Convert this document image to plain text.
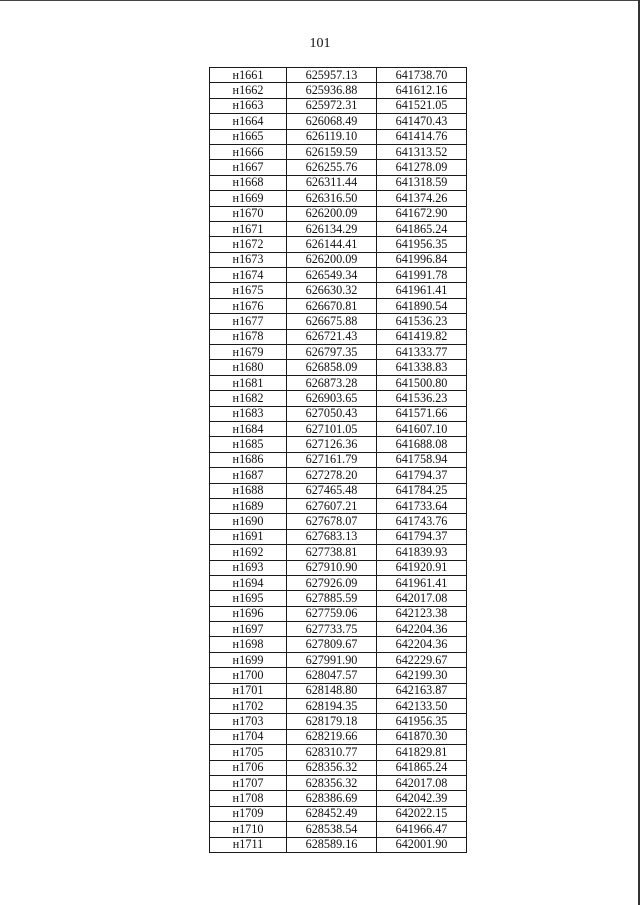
101
н1661	625957.13	641738.70
н1662	625936.88	641612.16
н1663	625972.31	641521.05
н1664	626068.49	641470.43
н1665	626119.10	641414.76
н1666	626159.59	641313.52
н1667	626255.76	641278.09
н1668	626311.44	641318.59
н1669	626316.50	641374.26
н1670	626200.09	641672.90
н1671	626134.29	641865.24
н1672	626144.41	641956.35
н1673	626200.09	641996.84
н1674	626549.34	641991.78
н1675	626630.32	641961.41
н1676	626670.81	641890.54
н1677	626675.88	641536.23
н1678	626721.43	641419.82
н1679	626797.35	641333.77
н1680	626858.09	641338.83
н1681	626873.28	641500.80
н1682	626903.65	641536.23
н1683	627050.43	641571.66
н1684	627101.05	641607.10
н1685	627126.36	641688.08
н1686	627161.79	641758.94
н1687	627278.20	641794.37
н1688	627465.48	641784.25
н1689	627607.21	641733.64
н1690	627678.07	641743.76
н1691	627683.13	641794.37
н1692	627738.81	641839.93
н1693	627910.90	641920.91
н1694	627926.09	641961.41
н1695	627885.59	642017.08
н1696	627759.06	642123.38
н1697	627733.75	642204.36
н1698	627809.67	642204.36
н1699	627991.90	642229.67
н1700	628047.57	642199.30
н1701	628148.80	642163.87
н1702	628194.35	642133.50
н1703	628179.18	641956.35
н1704	628219.66	641870.30
н1705	628310.77	641829.81
н1706	628356.32	641865.24
н1707	628356.32	642017.08
н1708	628386.69	642042.39
н1709	628452.49	642022.15
н1710	628538.54	641966.47
н1711	628589.16	642001.90
